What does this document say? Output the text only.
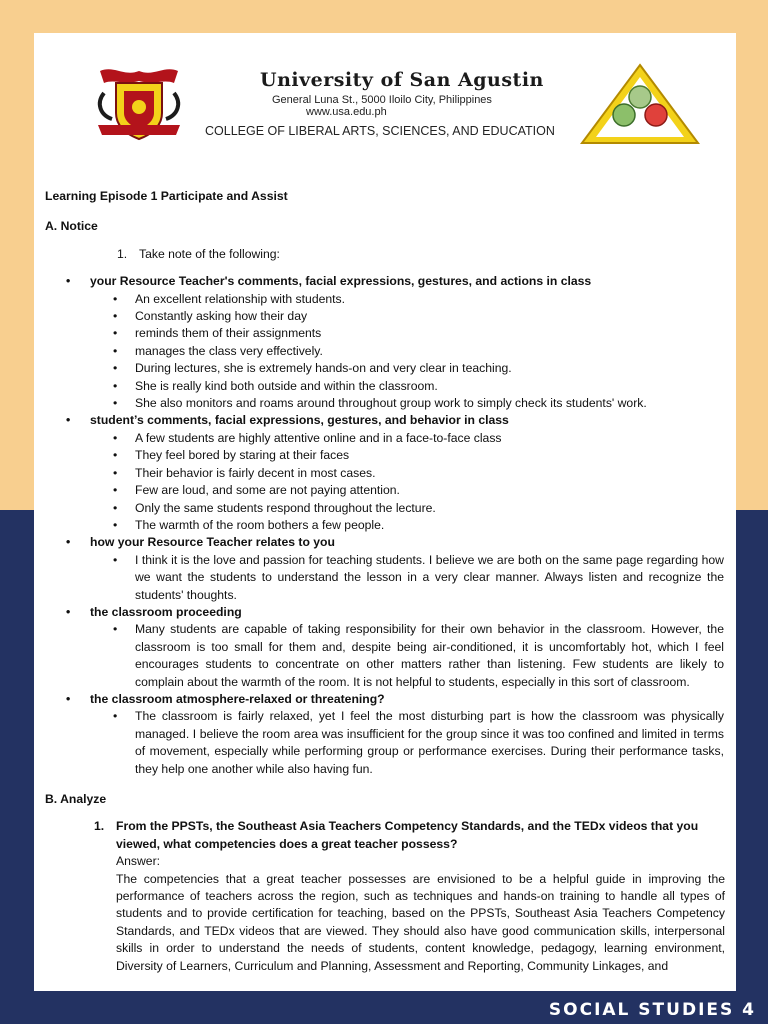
University of San Agustin
General Luna St., 5000 Iloilo City, Philippines
www.usa.edu.ph
COLLEGE OF LIBERAL ARTS, SCIENCES, AND EDUCATION
Learning Episode 1 Participate and Assist
A. Notice
1. Take note of the following:
• your Resource Teacher's comments, facial expressions, gestures, and actions in class
• An excellent relationship with students.
• Constantly asking how their day
• reminds them of their assignments
• manages the class very effectively.
• During lectures, she is extremely hands-on and very clear in teaching.
• She is really kind both outside and within the classroom.
• She also monitors and roams around throughout group work to simply check its students' work.
• student’s comments, facial expressions, gestures, and behavior in class
• A few students are highly attentive online and in a face-to-face class
• They feel bored by staring at their faces
• Their behavior is fairly decent in most cases.
• Few are loud, and some are not paying attention.
• Only the same students respond throughout the lecture.
• The warmth of the room bothers a few people.
• how your Resource Teacher relates to you
• I think it is the love and passion for teaching students. I believe we are both on the same page regarding how we want the students to understand the lesson in a very clear manner. Always listen and recognize the students' thoughts.
• the classroom proceeding
• Many students are capable of taking responsibility for their own behavior in the classroom. However, the classroom is too small for them and, despite being air-conditioned, it is uncomfortably hot, which I feel encourages students to concentrate on other matters rather than listening. Few students are likely to complain about the warmth of the room. It is not helpful to students, especially in this sort of classroom.
• the classroom atmosphere-relaxed or threatening?
• The classroom is fairly relaxed, yet I feel the most disturbing part is how the classroom was physically managed. I believe the room area was insufficient for the group since it was too confined and limited in terms of movement, especially while performing group or performance exercises. During their performance tasks, they help one another while also having fun.
B. Analyze
1. From the PPSTs, the Southeast Asia Teachers Competency Standards, and the TEDx videos that you viewed, what competencies does a great teacher possess?
Answer:
The competencies that a great teacher possesses are envisioned to be a helpful guide in improving the performance of teachers across the region, such as techniques and hands-on training to handle all types of students and to provide certification for teaching, based on the PPSTs, Southeast Asia Teachers Competency Standards, and TEDx videos that are viewed. They should also have good communication skills, interpersonal skills in order to understand the needs of students, content knowledge, pedagogy, learning environment, Diversity of Learners, Curriculum and Planning, Assessment and Reporting, Community Linkages, and
SOCIAL STUDIES 4
